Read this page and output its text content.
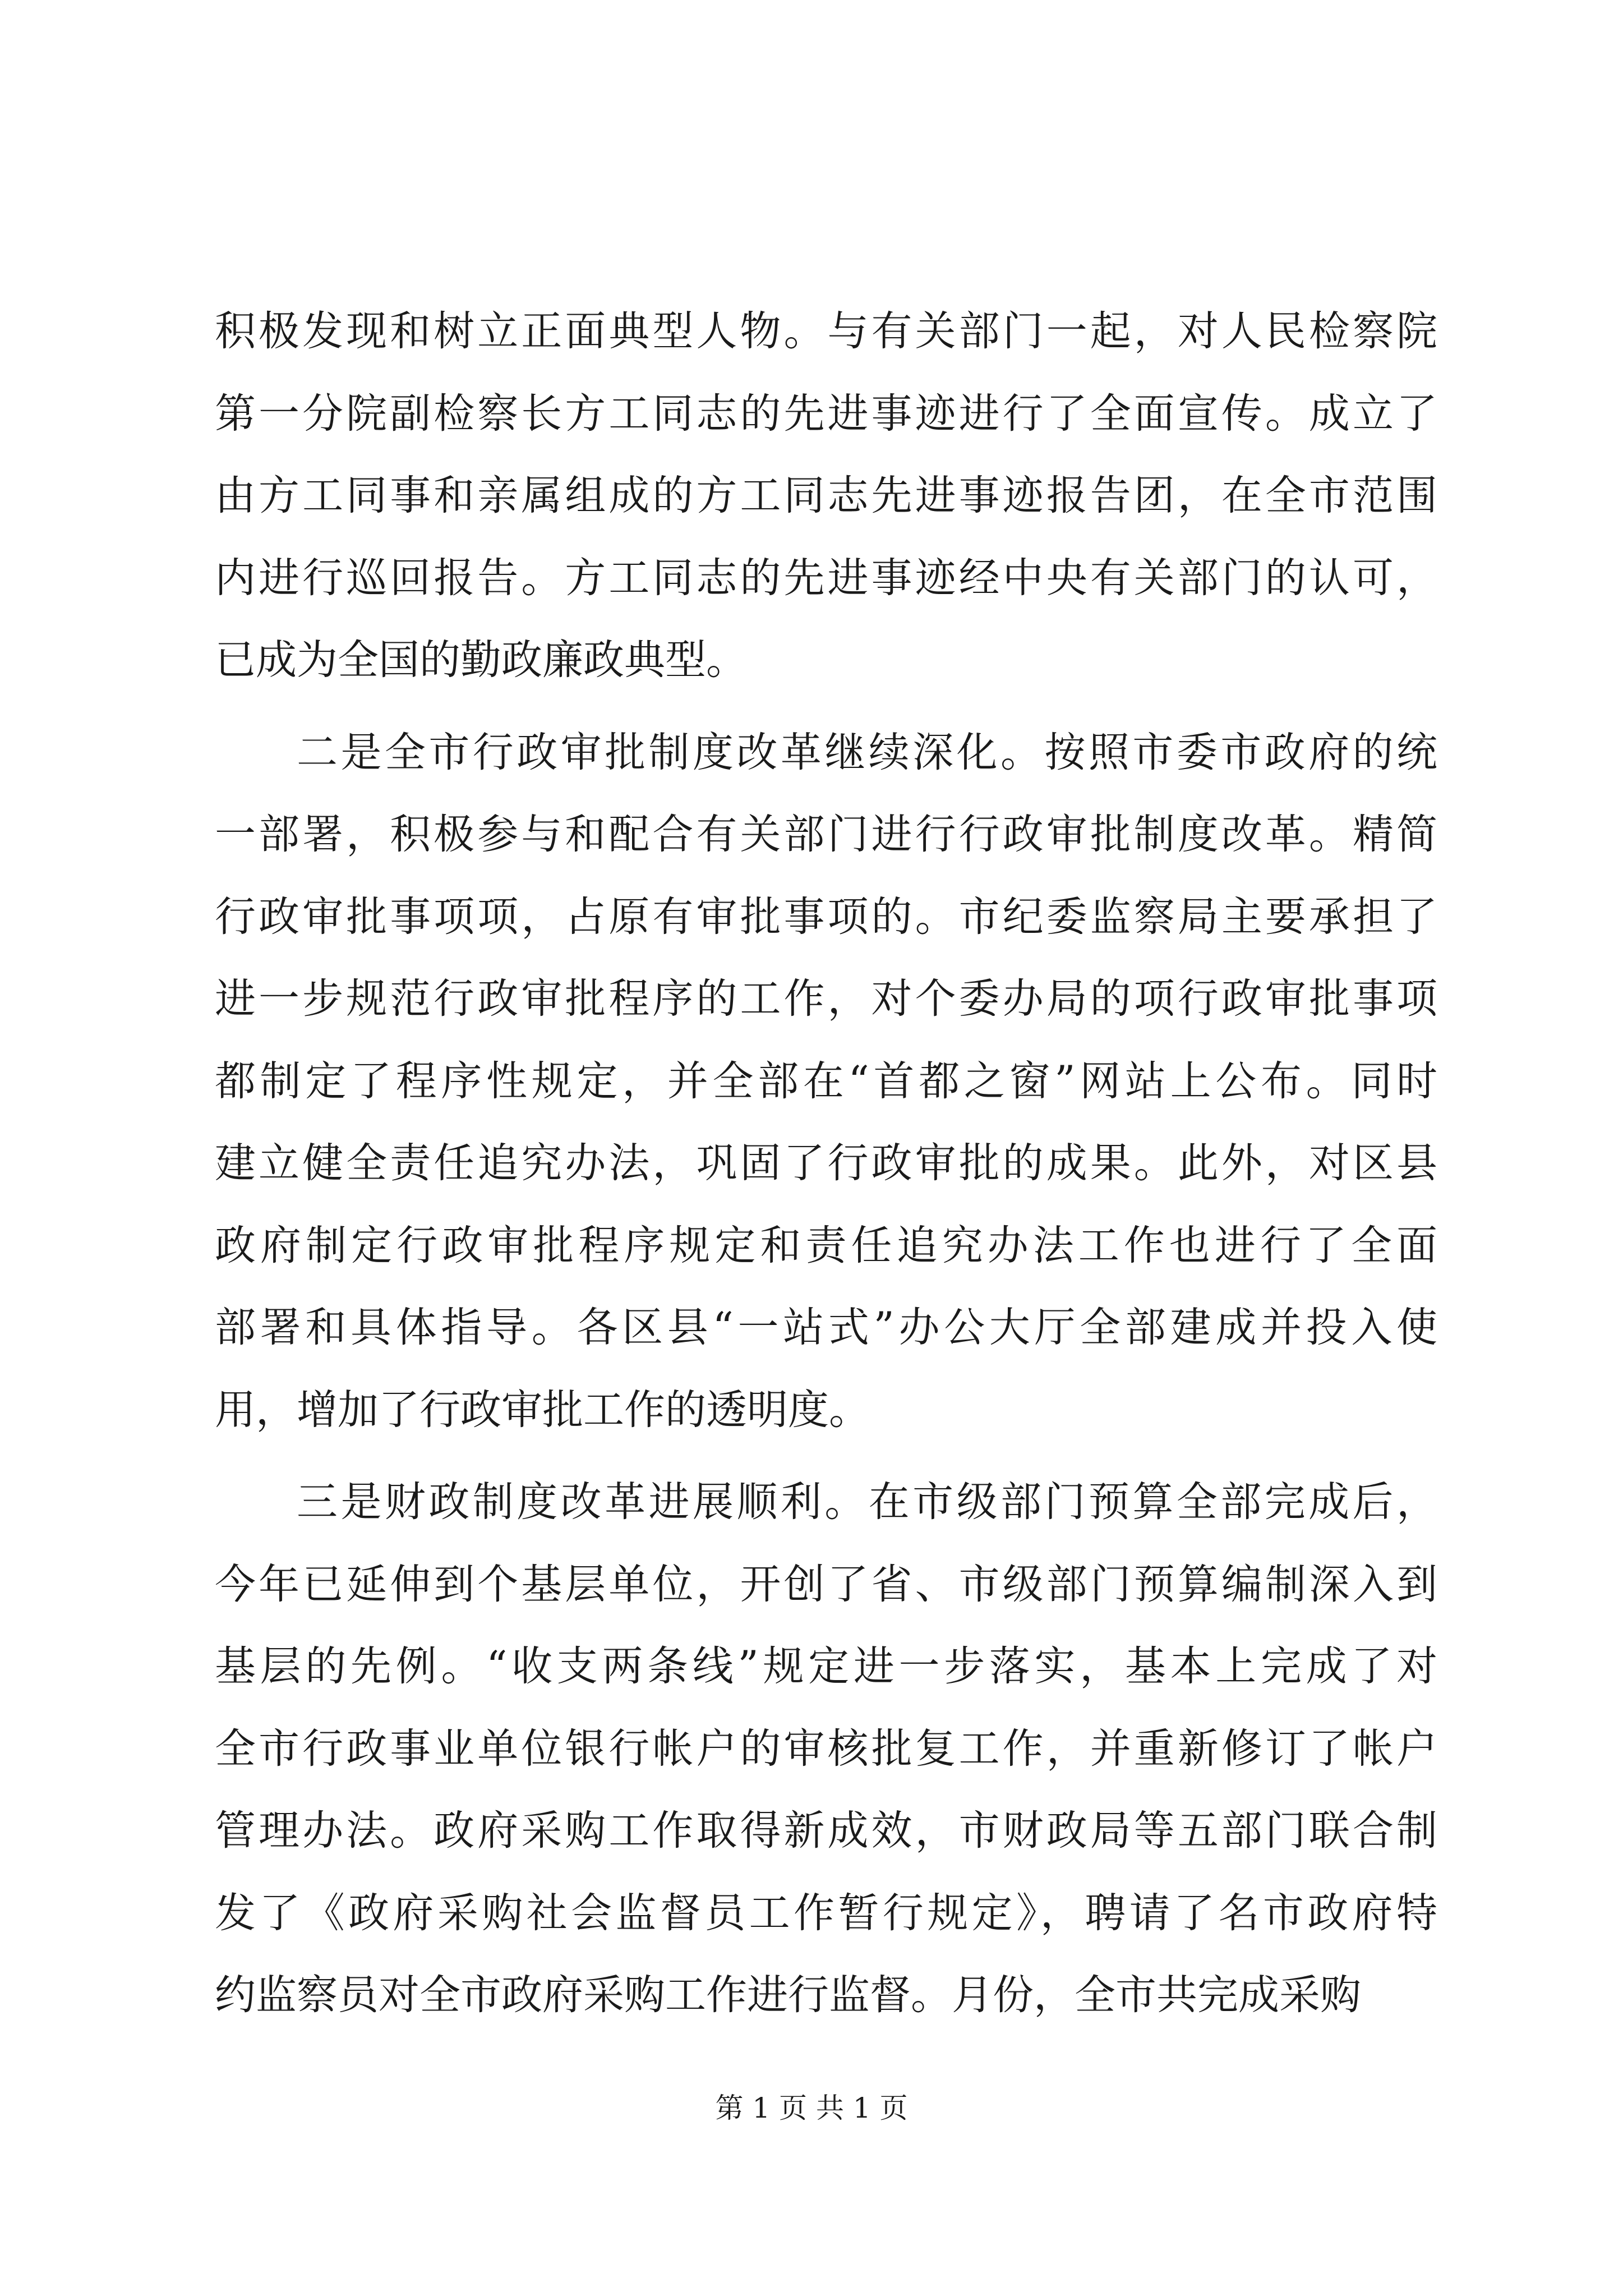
积极发现和树立正面典型人物。与有关部门一起，对人民检察院
第一分院副检察长方工同志的先进事迹进行了全面宣传。成立了
由方工同事和亲属组成的方工同志先进事迹报告团，在全市范围
内进行巡回报告。方工同志的先进事迹经中央有关部门的认可，
已成为全国的勤政廉政典型。
二是全市行政审批制度改革继续深化。按照市委市政府的统
一部署，积极参与和配合有关部门进行行政审批制度改革。精简
行政审批事项项，占原有审批事项的。市纪委监察局主要承担了
进一步规范行政审批程序的工作，对个委办局的项行政审批事项
都制定了程序性规定，并全部在“首都之窗”网站上公布。同时
建立健全责任追究办法，巩固了行政审批的成果。此外，对区县
政府制定行政审批程序规定和责任追究办法工作也进行了全面
部署和具体指导。各区县“一站式”办公大厅全部建成并投入使
用，增加了行政审批工作的透明度。
三是财政制度改革进展顺利。在市级部门预算全部完成后，
今年已延伸到个基层单位，开创了省、市级部门预算编制深入到
基层的先例。“收支两条线”规定进一步落实，基本上完成了对
全市行政事业单位银行帐户的审核批复工作，并重新修订了帐户
管理办法。政府采购工作取得新成效，市财政局等五部门联合制
发了《政府采购社会监督员工作暂行规定》，聘请了名市政府特
约监察员对全市政府采购工作进行监督。月份，全市共完成采购
第 1 页 共 1 页
